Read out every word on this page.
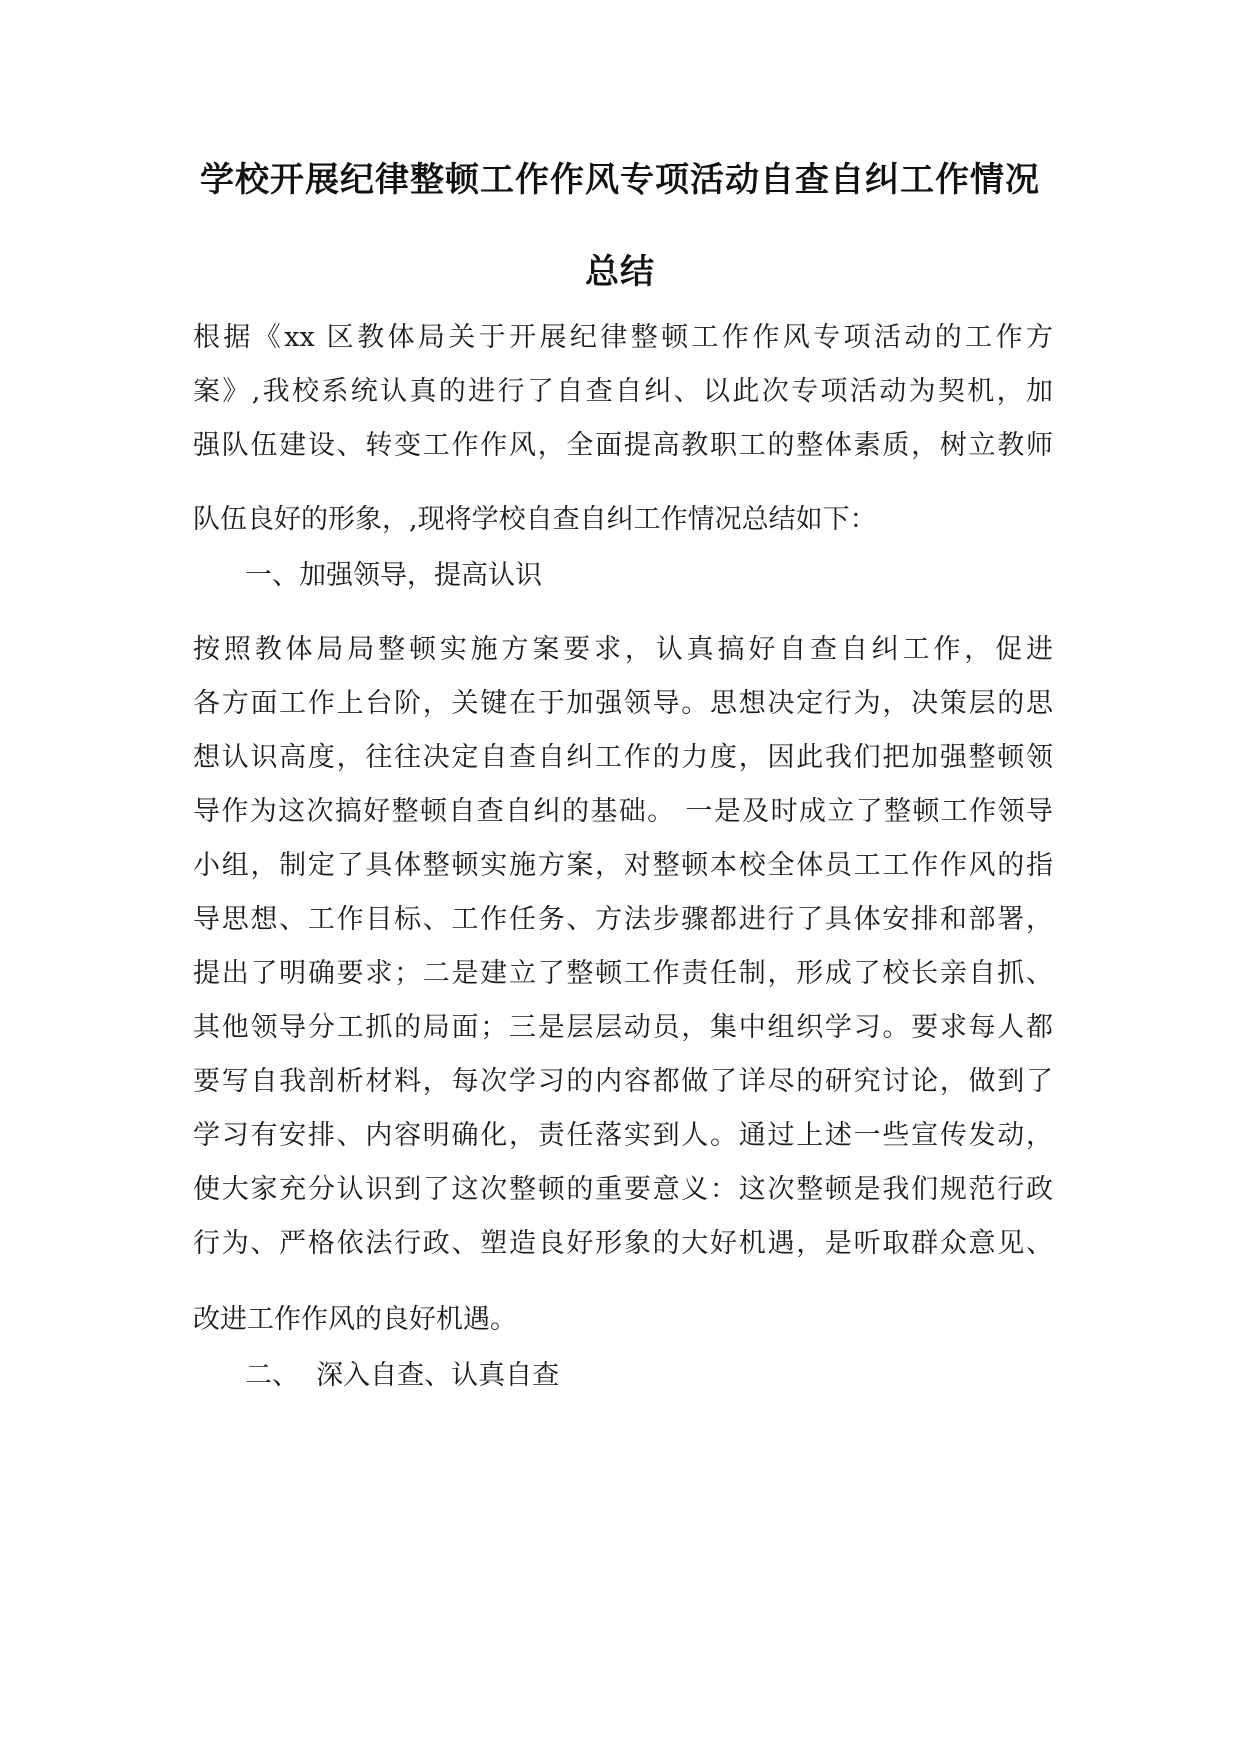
学校开展纪律整顿工作作风专项活动自查自纠工作情况
总结
根据《xx 区教体局关于开展纪律整顿工作作风专项活动的工作方
案》,我校系统认真的进行了自查自纠、以此次专项活动为契机，加
强队伍建设、转变工作作风，全面提高教职工的整体素质，树立教师
队伍良好的形象，,现将学校自查自纠工作情况总结如下：
一、加强领导，提高认识
按照教体局局整顿实施方案要求，认真搞好自查自纠工作，促进
各方面工作上台阶，关键在于加强领导。思想决定行为，决策层的思
想认识高度，往往决定自查自纠工作的力度，因此我们把加强整顿领
导作为这次搞好整顿自查自纠的基础。 一是及时成立了整顿工作领导
小组，制定了具体整顿实施方案，对整顿本校全体员工工作作风的指
导思想、工作目标、工作任务、方法步骤都进行了具体安排和部署，
提出了明确要求；二是建立了整顿工作责任制，形成了校长亲自抓、
其他领导分工抓的局面；三是层层动员，集中组织学习。要求每人都
要写自我剖析材料，每次学习的内容都做了详尽的研究讨论，做到了
学习有安排、内容明确化，责任落实到人。通过上述一些宣传发动，
使大家充分认识到了这次整顿的重要意义：这次整顿是我们规范行政
行为、严格依法行政、塑造良好形象的大好机遇，是听取群众意见、
改进工作作风的良好机遇。
二、  深入自查、认真自查
